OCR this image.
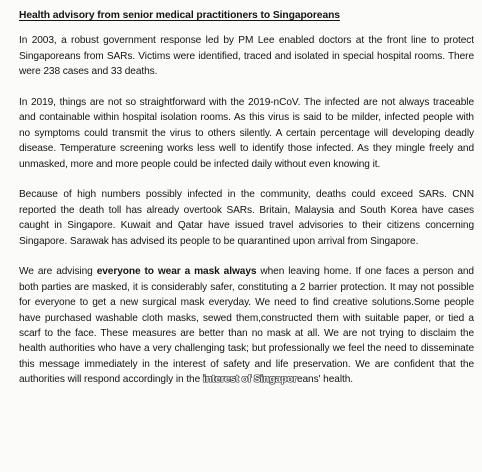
Health advisory from senior medical practitioners to Singaporeans

In 2003, a robust government response led by PM Lee enabled doctors at the front line to protect Singaporeans from SARs. Victims were identified, traced and isolated in special hospital rooms. There were 238 cases and 33 deaths.

In 2019, things are not so straightforward with the 2019-nCoV. The infected are not always traceable and containable within hospital isolation rooms. As this virus is said to be milder, infected people with no symptoms could transmit the virus to others silently. A certain percentage will developing deadly disease. Temperature screening works less well to identify those infected. As they mingle freely and unmasked, more and more people could be infected daily without even knowing it.

Because of high numbers possibly infected in the community, deaths could exceed SARs. CNN reported the death toll has already overtook SARs. Britain, Malaysia and South Korea have cases caught in Singapore. Kuwait and Qatar have issued travel advisories to their citizens concerning Singapore. Sarawak has advised its people to be quarantined upon arrival from Singapore.

We are advising everyone to wear a mask always when leaving home. If one faces a person and both parties are masked, it is considerably safer, constituting a 2 barrier protection. It may not possible for everyone to get a new surgical mask everyday. We need to find creative solutions.Some people have purchased washable cloth masks, sewed them,constructed them with suitable paper, or tied a scarf to the face. These measures are better than no mask at all. We are not trying to disclaim the health authorities who have a very challenging task; but professionally we feel the need to disseminate this message immediately in the interest of safety and life preservation. We are confident that the authorities will respond accordingly in the interest of Singaporeans' health.
